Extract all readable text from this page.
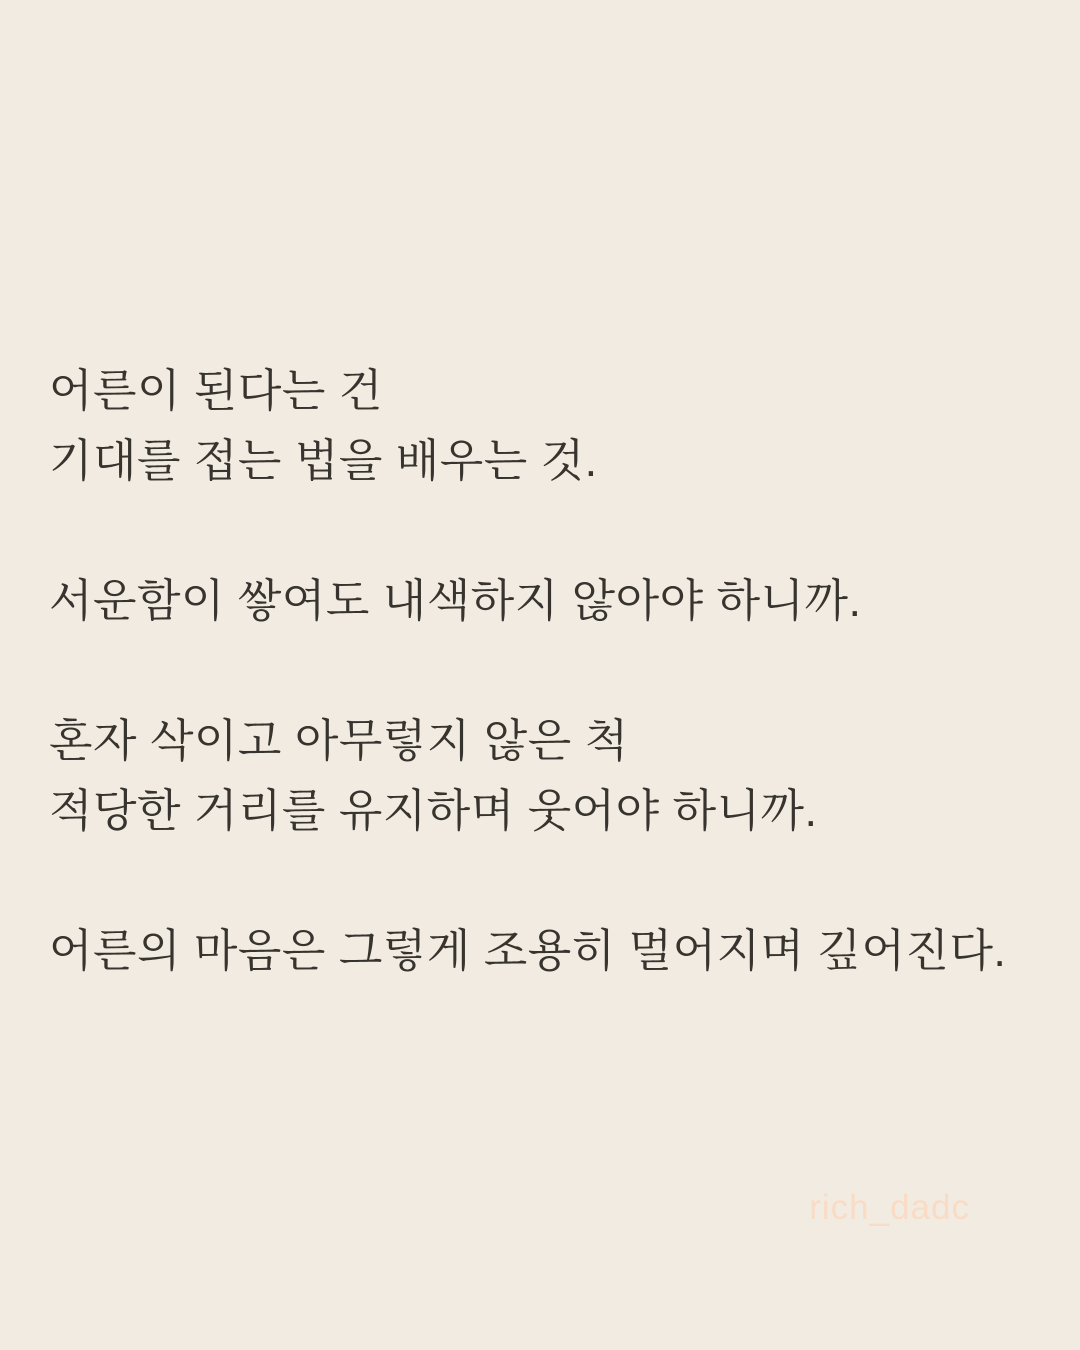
어른이 된다는 건
기대를 접는 법을 배우는 것.
서운함이 쌓여도 내색하지 않아야 하니까.
혼자 삭이고 아무렇지 않은 척
적당한 거리를 유지하며 웃어야 하니까.
어른의 마음은 그렇게 조용히 멀어지며 깊어진다.
rich_dadc
